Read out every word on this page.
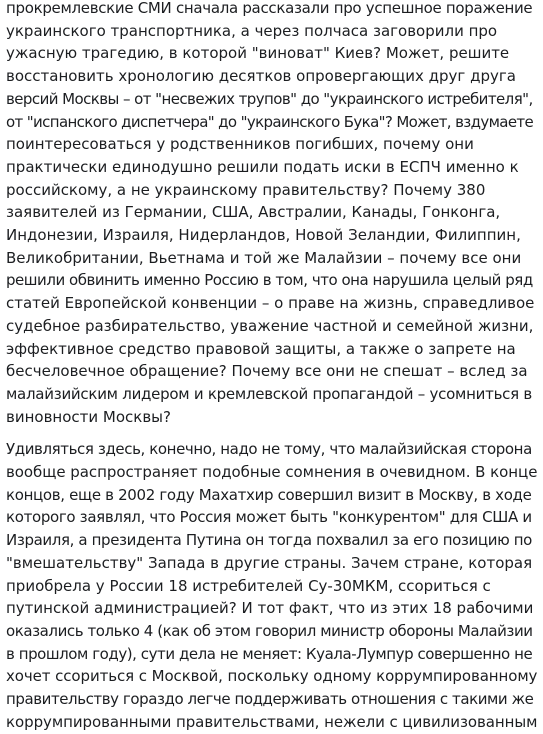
прокремлевские СМИ сначала рассказали про успешное поражение
украинского транспортника, а через полчаса заговорили про
ужасную трагедию, в которой "виноват" Киев? Может, решите
восстановить хронологию десятков опровергающих друг друга
версий Москвы – от "несвежих трупов" до "украинского истребителя",
от "испанского диспетчера" до "украинского Бука"? Может, вздумаете
поинтересоваться у родственников погибших, почему они
практически единодушно решили подать иски в ЕСПЧ именно к
российскому, а не украинскому правительству? Почему 380
заявителей из Германии, США, Австралии, Канады, Гонконга,
Индонезии, Израиля, Нидерландов, Новой Зеландии, Филиппин,
Великобритании, Вьетнама и той же Малайзии – почему все они
решили обвинить именно Россию в том, что она нарушила целый ряд
статей Европейской конвенции – о праве на жизнь, справедливое
судебное разбирательство, уважение частной и семейной жизни,
эффективное средство правовой защиты, а также о запрете на
бесчеловечное обращение? Почему все они не спешат – вслед за
малайзийским лидером и кремлевской пропагандой – усомниться в
виновности Москвы?

Удивляться здесь, конечно, надо не тому, что малайзийская сторона
вообще распространяет подобные сомнения в очевидном. В конце
концов, еще в 2002 году Махатхир совершил визит в Москву, в ходе
которого заявлял, что Россия может быть "конкурентом" для США и
Израиля, а президента Путина он тогда похвалил за его позицию по
"вмешательству" Запада в другие страны. Зачем стране, которая
приобрела у России 18 истребителей Су-30МКМ, ссориться с
путинской администрацией? И тот факт, что из этих 18 рабочими
оказались только 4 (как об этом говорил министр обороны Малайзии
в прошлом году), сути дела не меняет: Куала-Лумпур совершенно не
хочет ссориться с Москвой, поскольку одному коррумпированному
правительству гораздо легче поддерживать отношения с такими же
коррумпированными правительствами, нежели с цивилизованным
